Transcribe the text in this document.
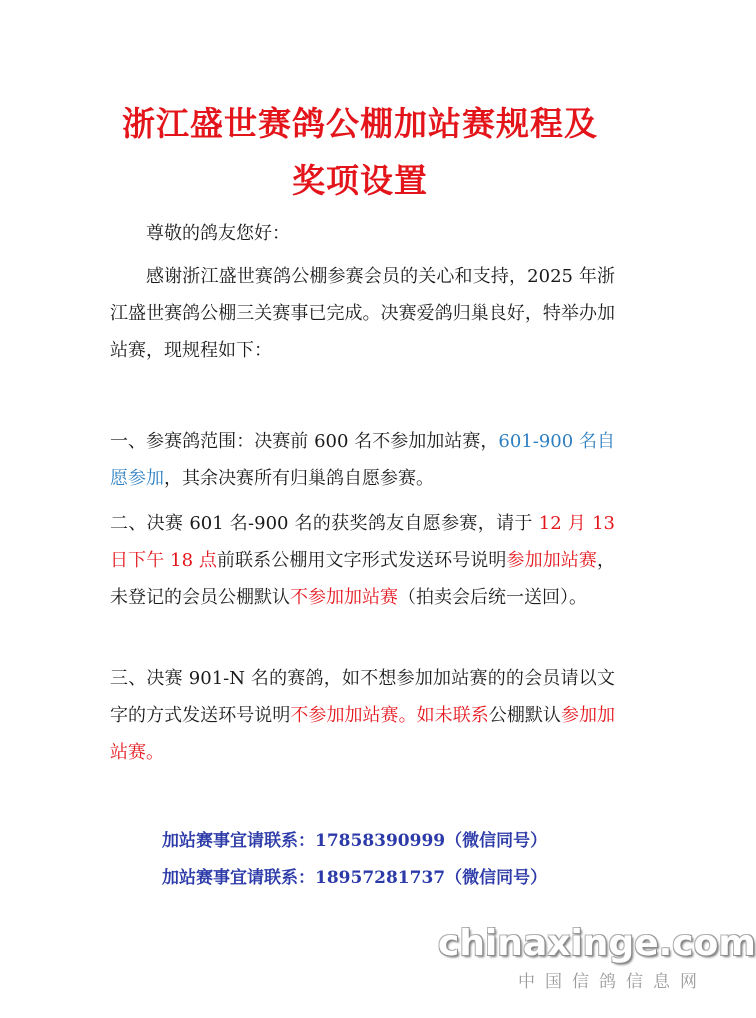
浙江盛世赛鸽公棚加站赛规程及
奖项设置
尊敬的鸽友您好：
感谢浙江盛世赛鸽公棚参赛会员的关心和支持，2025 年浙江盛世赛鸽公棚三关赛事已完成。决赛爱鸽归巢良好，特举办加站赛，现规程如下：
一、参赛鸽范围：决赛前 600 名不参加加站赛，601-900 名自愿参加，其余决赛所有归巢鸽自愿参赛。
二、决赛 601 名-900 名的获奖鸽友自愿参赛，请于 12 月 13 日下午 18 点前联系公棚用文字形式发送环号说明参加加站赛，未登记的会员公棚默认不参加加站赛（拍卖会后统一送回）。
三、决赛 901-N 名的赛鸽，如不想参加加站赛的的会员请以文字的方式发送环号说明不参加加站赛。如未联系公棚默认参加加站赛。
加站赛事宜请联系：17858390999（微信同号）
加站赛事宜请联系：18957281737（微信同号）
chinaxinge.com
中国信鸽信息网
